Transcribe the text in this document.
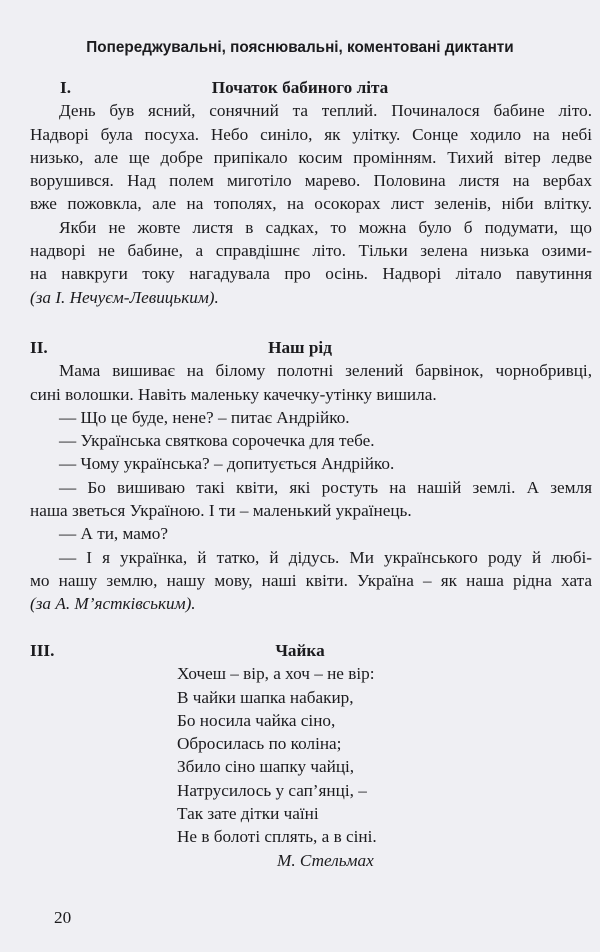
Попереджувальні, пояснювальні, коментовані диктанти
I.	Початок бабиного літа
День був ясний, сонячний та теплий. Починалося бабине літо.
Надворі була посуха. Небо синіло, як улітку. Сонце ходило на небі
низько, але ще добре припікало косим промінням. Тихий вітер ледве
ворушився. Над полем миготіло марево. Половина листя на вербах
вже пожовкла, але на тополях, на осокорах лист зеленів, ніби влітку.
Якби не жовте листя в садках, то можна було б подумати, що
надворі не бабине, а справдішнє літо. Тільки зелена низька озими-
на навкруги току нагадувала про осінь. Надворі літало павутиння
(за І. Нечуєм-Левицьким).
II.	Наш рід
Мама вишиває на білому полотні зелений барвінок, чорнобривці,
сині волошки. Навіть маленьку качечку-утінку вишила.
— Що це буде, нене? – питає Андрійко.
— Українська святкова сорочечка для тебе.
— Чому українська? – допитується Андрійко.
— Бо вишиваю такі квіти, які ростуть на нашій землі. А земля
наша зветься Україною. І ти – маленький українець.
— А ти, мамо?
— І я українка, й татко, й дідусь. Ми українського роду й любі-
мо нашу землю, нашу мову, наші квіти. Україна – як наша рідна хата
(за А. М’ястківським).
III.	Чайка
Хочеш – вір, а хоч – не вір:
В чайки шапка набакир,
Бо носила чайка сіно,
Обросилась по коліна;
Збило сіно шапку чайці,
Натрусилось у сап’янці, –
Так зате дітки чаїні
Не в болоті сплять, а в сіні.
М. Стельмах
20
